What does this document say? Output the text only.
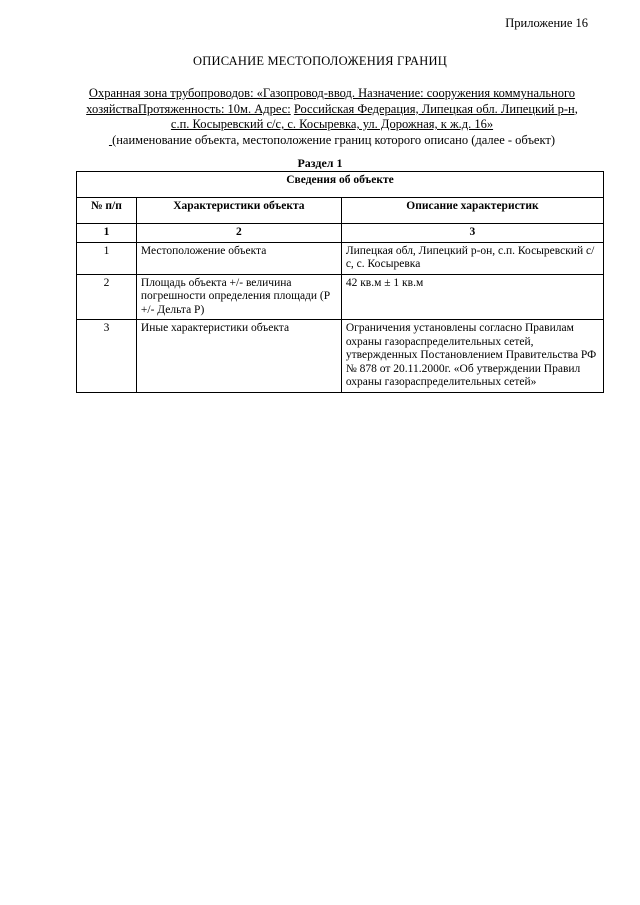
Приложение 16
ОПИСАНИЕ МЕСТОПОЛОЖЕНИЯ ГРАНИЦ
Охранная зона трубопроводов: «Газопровод-ввод. Назначение: сооружения коммунального
хозяйстваПротяженность: 10м. Адрес: Российская Федерация, Липецкая обл. Липецкий р-н,
с.п. Косыревский с/с, с. Косыревка, ул. Дорожная, к ж.д. 16»
(наименование объекта, местоположение границ которого описано (далее - объект)
Раздел 1
Сведения об объекте		
№ п/п	Характеристики объекта	Описание характеристик
1	2	3
1	Местоположение объекта	Липецкая обл, Липецкий р-он, с.п. Косыревский с/с, с. Косыревка
2	Площадь объекта +/- величина погрешности определения площади (Р +/- Дельта Р)	42 кв.м ± 1 кв.м
3	Иные характеристики объекта	Ограничения установлены согласно Правилам охраны газораспределительных сетей, утвержденных Постановлением Правительства РФ № 878 от 20.11.2000г. «Об утверждении Правил охраны газораспределительных сетей»
